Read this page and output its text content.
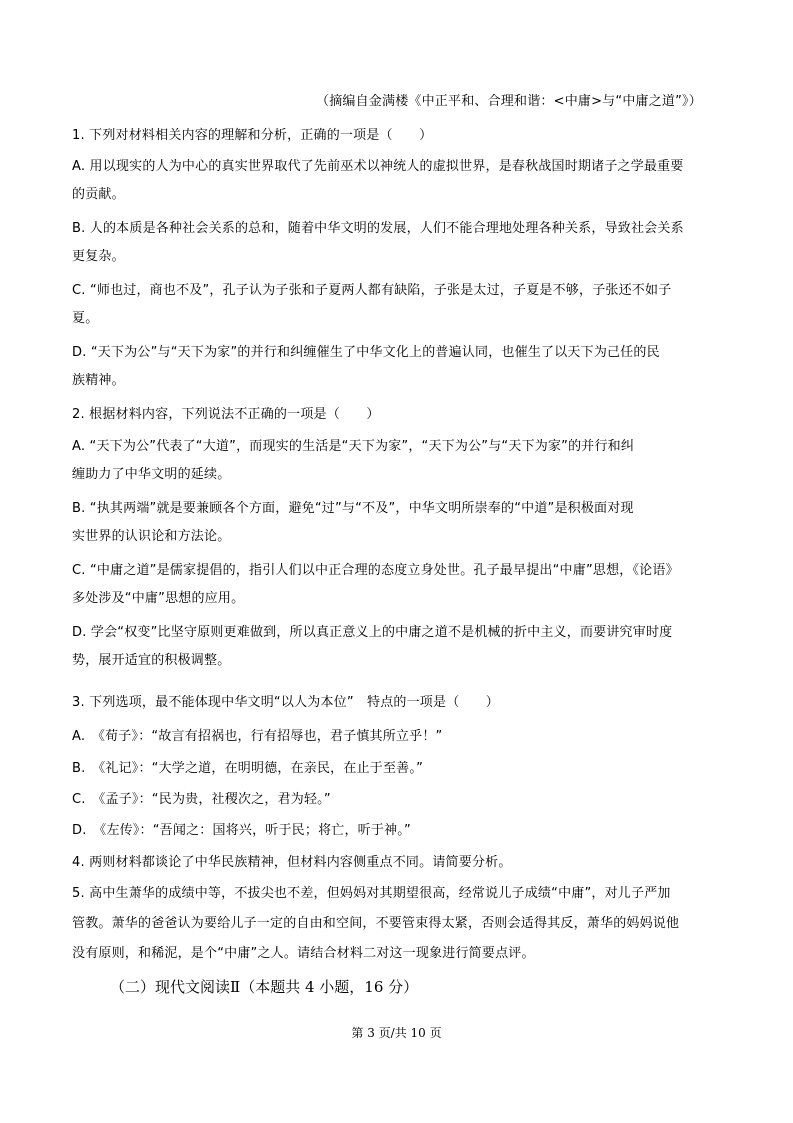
（摘编自金满楼《中正平和、合理和谐：<中庸>与“中庸之道”》）
1. 下列对材料相关内容的理解和分析，正确的一项是（　　）
A. 用以现实的人为中心的真实世界取代了先前巫术以神统人的虚拟世界，是春秋战国时期诸子之学最重要
的贡献。
B. 人的本质是各种社会关系的总和，随着中华文明的发展，人们不能合理地处理各种关系，导致社会关系
更复杂。
C. “师也过，商也不及”，孔子认为子张和子夏两人都有缺陷，子张是太过，子夏是不够，子张还不如子
夏。
D. “天下为公”与“天下为家”的并行和纠缠催生了中华文化上的普遍认同，也催生了以天下为己任的民
族精神。
2. 根据材料内容，下列说法不正确的一项是（　　）
A. “天下为公”代表了“大道”，而现实的生活是“天下为家”，“天下为公”与“天下为家”的并行和纠
缠助力了中华文明的延续。
B. “执其两端”就是要兼顾各个方面，避免“过”与“不及”，中华文明所崇奉的“中道”是积极面对现
实世界的认识论和方法论。
C. “中庸之道”是儒家提倡的，指引人们以中正合理的态度立身处世。孔子最早提出“中庸”思想，《论语》
多处涉及“中庸”思想的应用。
D. 学会“权变”比坚守原则更难做到，所以真正意义上的中庸之道不是机械的折中主义，而要讲究审时度
势，展开适宜的积极调整。
3. 下列选项，最不能体现中华文明“以人为本位”　特点的一项是（　　）
A.　《荀子》：“故言有招祸也，行有招辱也，君子慎其所立乎！”
B.　《礼记》：“大学之道，在明明德，在亲民，在止于至善。”
C.　《孟子》：“民为贵，社稷次之，君为轻。”
D.　《左传》：“吾闻之：国将兴，听于民；将亡，听于神。”
4. 两则材料都谈论了中华民族精神，但材料内容侧重点不同。请简要分析。
5. 高中生萧华的成绩中等，不拔尖也不差，但妈妈对其期望很高，经常说儿子成绩“中庸”，对儿子严加
管教。萧华的爸爸认为要给儿子一定的自由和空间，不要管束得太紧，否则会适得其反，萧华的妈妈说他
没有原则，和稀泥，是个“中庸”之人。请结合材料二对这一现象进行简要点评。
（二）现代文阅读Ⅱ（本题共 4 小题，16 分）
第 3 页/共 10 页
